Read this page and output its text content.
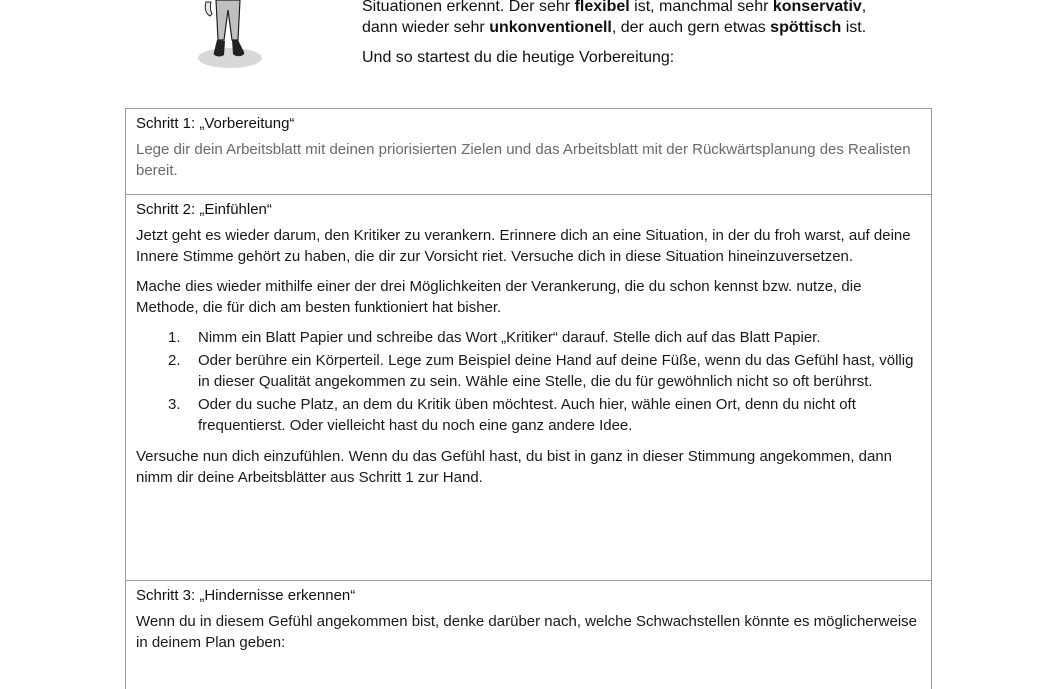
Situationen erkennt. Der sehr flexibel ist, manchmal sehr konservativ,
dann wieder sehr unkonventionell, der auch gern etwas spöttisch ist.
Und so startest du die heutige Vorbereitung:
Schritt 1: „Vorbereitung“
Lege dir dein Arbeitsblatt mit deinen priorisierten Zielen und das Arbeitsblatt mit der Rückwärtsplanung des Realisten bereit.
Schritt 2: „Einfühlen“

Jetzt geht es wieder darum, den Kritiker zu verankern. Erinnere dich an eine Situation, in der du froh warst, auf deine Innere Stimme gehört zu haben, die dir zur Vorsicht riet. Versuche dich in diese Situation hineinzuversetzen.

Mache dies wieder mithilfe einer der drei Möglichkeiten der Verankerung, die du schon kennst bzw. nutze, die Methode, die für dich am besten funktioniert hat bisher.

1. Nimm ein Blatt Papier und schreibe das Wort „Kritiker“ darauf. Stelle dich auf das Blatt Papier.
2. Oder berühre ein Körperteil. Lege zum Beispiel deine Hand auf deine Füße, wenn du das Gefühl hast, völlig in dieser Qualität angekommen zu sein. Wähle eine Stelle, die du für gewöhnlich nicht so oft berührst.
3. Oder du suche Platz, an dem du Kritik üben möchtest. Auch hier, wähle einen Ort, denn du nicht oft frequentierst. Oder vielleicht hast du noch eine ganz andere Idee.

Versuche nun dich einzufühlen. Wenn du das Gefühl hast, du bist in ganz in dieser Stimmung angekommen, dann nimm dir deine Arbeitsblätter aus Schritt 1 zur Hand.

Schritt 3: „Hindernisse erkennen“

Wenn du in diesem Gefühl angekommen bist, denke darüber nach, welche Schwachstellen könnte es möglicherweise in deinem Plan geben:
